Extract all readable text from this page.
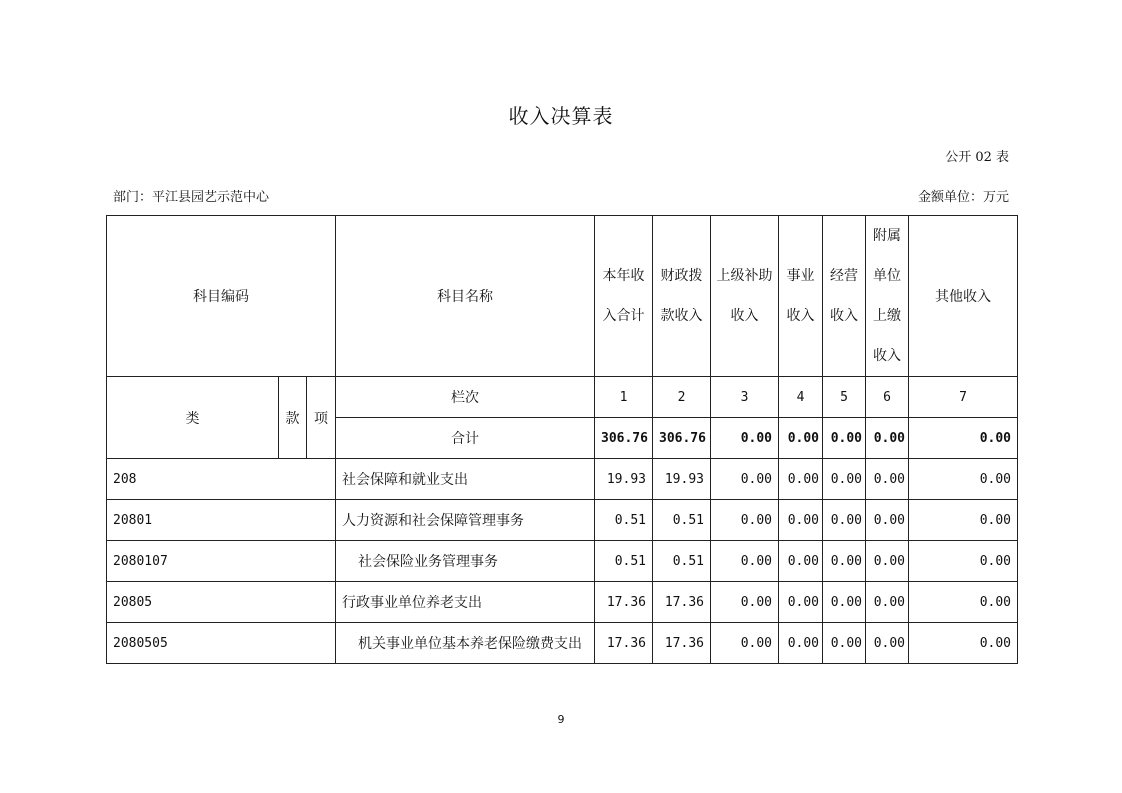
收入决算表
公开 02 表
部门：平江县园艺示范中心	金额单位：万元
科目编码			科目名称	本年收入合计	财政拨款收入	上级补助收入	事业收入	经营收入	附属单位上缴收入	其他收入
类	款	项	栏次	1	2	3	4	5	6	7
			合计	306.76	306.76	0.00	0.00	0.00	0.00	0.00
208			社会保障和就业支出	19.93	19.93	0.00	0.00	0.00	0.00	0.00
20801			人力资源和社会保障管理事务	0.51	0.51	0.00	0.00	0.00	0.00	0.00
2080107			社会保险业务管理事务	0.51	0.51	0.00	0.00	0.00	0.00	0.00
20805			行政事业单位养老支出	17.36	17.36	0.00	0.00	0.00	0.00	0.00
2080505			机关事业单位基本养老保险缴费支出	17.36	17.36	0.00	0.00	0.00	0.00	0.00
9
